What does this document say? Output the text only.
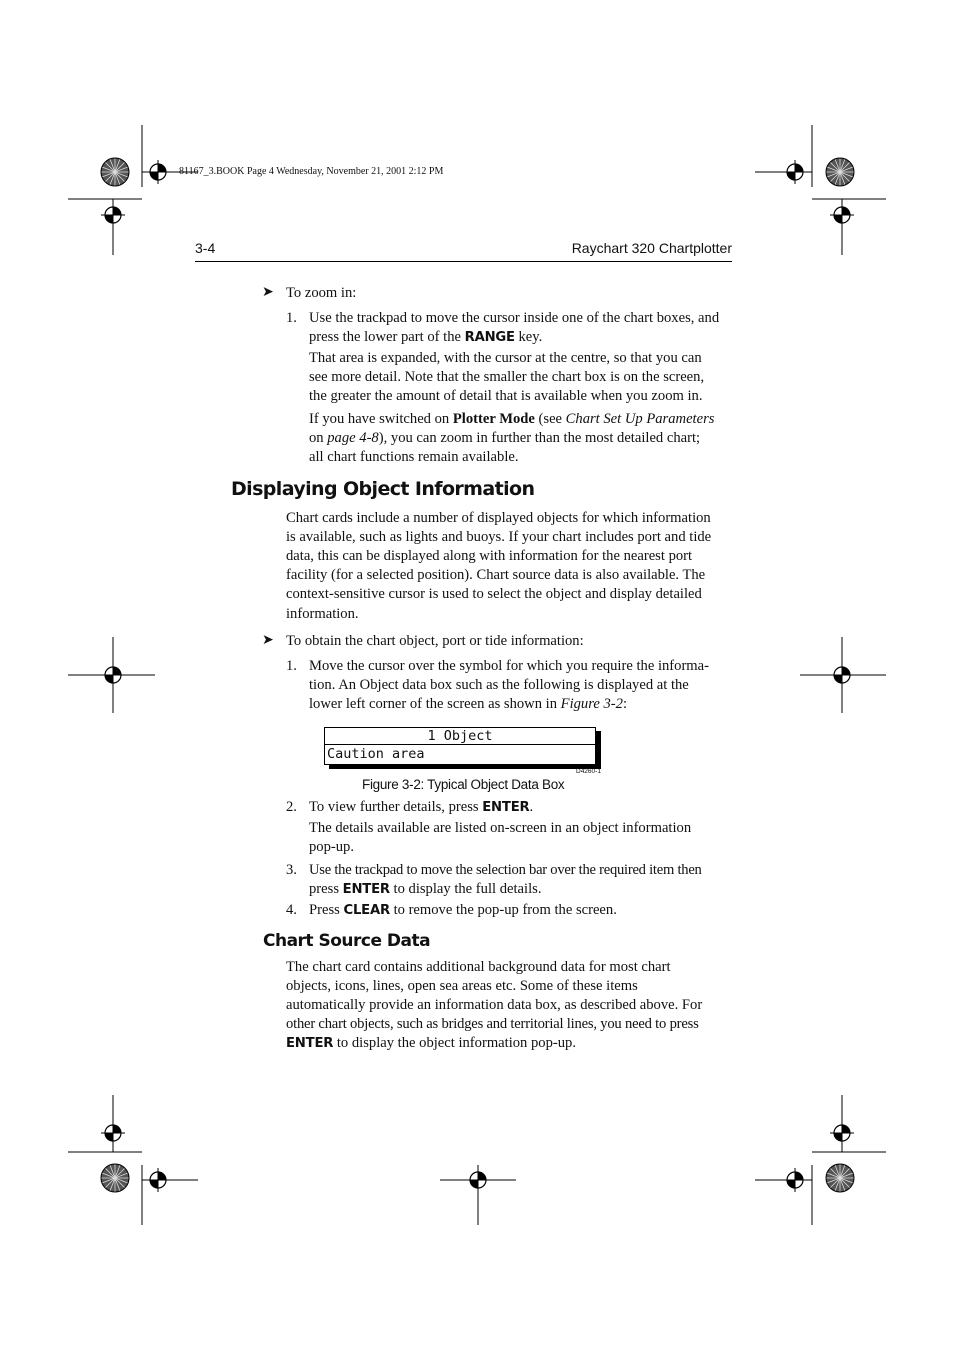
81167_3.BOOK Page 4 Wednesday, November 21, 2001 2:12 PM
3-4	Raychart 320 Chartplotter
➤ To zoom in:
1. Use the trackpad to move the cursor inside one of the chart boxes, and
press the lower part of the RANGE key.
That area is expanded, with the cursor at the centre, so that you can
see more detail. Note that the smaller the chart box is on the screen,
the greater the amount of detail that is available when you zoom in.
If you have switched on Plotter Mode (see Chart Set Up Parameters
on page 4-8), you can zoom in further than the most detailed chart;
all chart functions remain available.
Displaying Object Information
Chart cards include a number of displayed objects for which information
is available, such as lights and buoys. If your chart includes port and tide
data, this can be displayed along with information for the nearest port
facility (for a selected position). Chart source data is also available. The
context-sensitive cursor is used to select the object and display detailed
information.
➤ To obtain the chart object, port or tide information:
1. Move the cursor over the symbol for which you require the informa-
tion. An Object data box such as the following is displayed at the
lower left corner of the screen as shown in Figure 3-2:
1 Object
Caution area
D4260-1
Figure 3-2: Typical Object Data Box
2. To view further details, press ENTER.
The details available are listed on-screen in an object information
pop-up.
3. Use the trackpad to move the selection bar over the required item then
press ENTER to display the full details.
4. Press CLEAR to remove the pop-up from the screen.
Chart Source Data
The chart card contains additional background data for most chart
objects, icons, lines, open sea areas etc. Some of these items
automatically provide an information data box, as described above. For
other chart objects, such as bridges and territorial lines, you need to press
ENTER to display the object information pop-up.
